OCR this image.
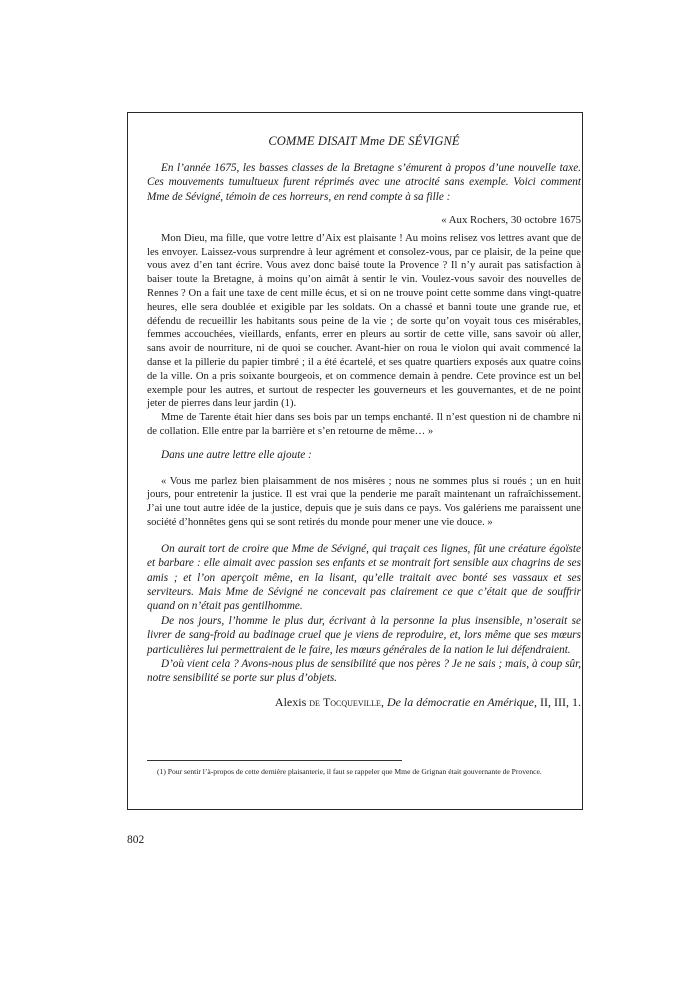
COMME DISAIT Mme DE SÉVIGNÉ

En l’année 1675, les basses classes de la Bretagne s’émurent à propos d’une nouvelle taxe. Ces mouvements tumultueux furent réprimés avec une atrocité sans exemple. Voici comment Mme de Sévigné, témoin de ces horreurs, en rend compte à sa fille :

« Aux Rochers, 30 octobre 1675

Mon Dieu, ma fille, que votre lettre d’Aix est plaisante ! Au moins relisez vos lettres avant que de les envoyer. Laissez-vous surprendre à leur agrément et consolez-vous, par ce plaisir, de la peine que vous avez d’en tant écrire. Vous avez donc baisé toute la Provence ? Il n’y aurait pas satisfaction à baiser toute la Bretagne, à moins qu’on aimât à sentir le vin. Voulez-vous savoir des nouvelles de Rennes ? On a fait une taxe de cent mille écus, et si on ne trouve point cette somme dans vingt-quatre heures, elle sera doublée et exigible par les soldats. On a chassé et banni toute une grande rue, et défendu de recueillir les habitants sous peine de la vie ; de sorte qu’on voyait tous ces misérables, femmes accouchées, vieillards, enfants, errer en pleurs au sortir de cette ville, sans savoir où aller, sans avoir de nourriture, ni de quoi se coucher. Avant-hier on roua le violon qui avait commencé la danse et la pillerie du papier timbré ; il a été écartelé, et ses quatre quartiers exposés aux quatre coins de la ville. On a pris soixante bourgeois, et on commence demain à pendre. Cete province est un bel exemple pour les autres, et surtout de respecter les gouverneurs et les gouvernantes, et de ne point jeter de pierres dans leur jardin (1).

Mme de Tarente était hier dans ses bois par un temps enchanté. Il n’est question ni de chambre ni de collation. Elle entre par la barrière et s’en retourne de même… »

Dans une autre lettre elle ajoute :

« Vous me parlez bien plaisamment de nos misères ; nous ne sommes plus si roués ; un en huit jours, pour entretenir la justice. Il est vrai que la penderie me paraît maintenant un rafraîchissement. J’ai une tout autre idée de la justice, depuis que je suis dans ce pays. Vos galériens me paraissent une société d’honnêtes gens qui se sont retirés du monde pour mener une vie douce. »

On aurait tort de croire que Mme de Sévigné, qui traçait ces lignes, fût une créature égoïste et barbare : elle aimait avec passion ses enfants et se montrait fort sensible aux chagrins de ses amis ; et l’on aperçoit même, en la lisant, qu’elle traitait avec bonté ses vassaux et ses serviteurs. Mais Mme de Sévigné ne concevait pas clairement ce que c’était que de souffrir quand on n’était pas gentilhomme.

De nos jours, l’homme le plus dur, écrivant à la personne la plus insensible, n’oserait se livrer de sang-froid au badinage cruel que je viens de reproduire, et, lors même que ses mœurs particulières lui permettraient de le faire, les mœurs générales de la nation le lui défendraient.

D’où vient cela ? Avons-nous plus de sensibilité que nos pères ? Je ne sais ; mais, à coup sûr, notre sensibilité se porte sur plus d’objets.

Alexis de Tocqueville, De la démocratie en Amérique, II, III, 1.

(1) Pour sentir l’à-propos de cette dernière plaisanterie, il faut se rappeler que Mme de Grignan était gouvernante de Provence.

802
